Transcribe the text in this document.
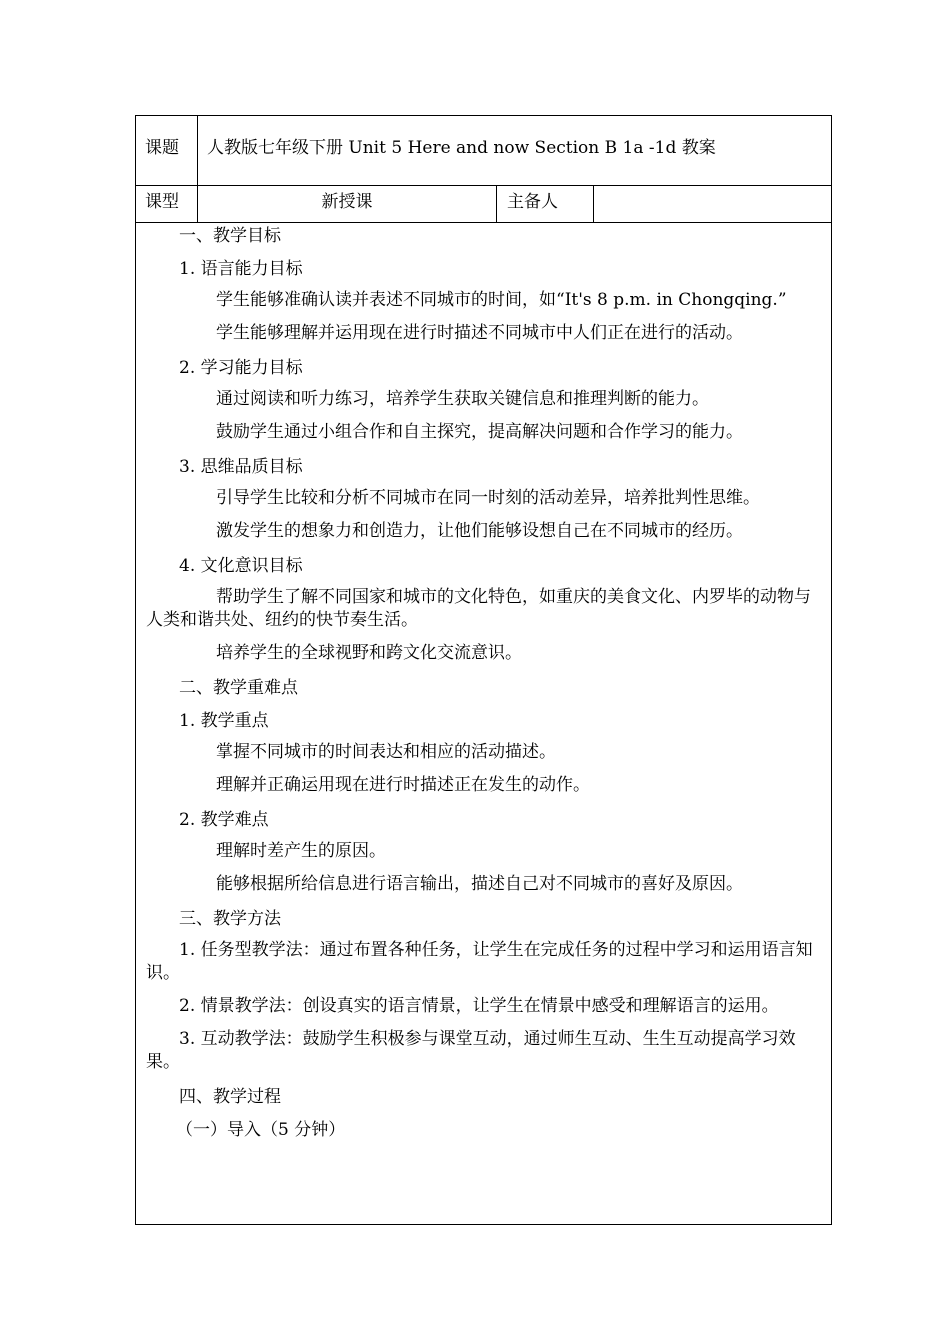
课题	人教版七年级下册 Unit 5 Here and now Section B 1a -1d 教案
课型	新授课	主备人

一、教学目标

1. 语言能力目标

学生能够准确认读并表述不同城市的时间，如“It's 8 p.m. in Chongqing.”

学生能够理解并运用现在进行时描述不同城市中人们正在进行的活动。

2. 学习能力目标

通过阅读和听力练习，培养学生获取关键信息和推理判断的能力。

鼓励学生通过小组合作和自主探究，提高解决问题和合作学习的能力。

3. 思维品质目标

引导学生比较和分析不同城市在同一时刻的活动差异，培养批判性思维。

激发学生的想象力和创造力，让他们能够设想自己在不同城市的经历。

4. 文化意识目标

帮助学生了解不同国家和城市的文化特色，如重庆的美食文化、内罗毕的动物与人类和谐共处、纽约的快节奏生活。

培养学生的全球视野和跨文化交流意识。

二、教学重难点

1. 教学重点

掌握不同城市的时间表达和相应的活动描述。

理解并正确运用现在进行时描述正在发生的动作。

2. 教学难点

理解时差产生的原因。

能够根据所给信息进行语言输出，描述自己对不同城市的喜好及原因。

三、教学方法

1. 任务型教学法：通过布置各种任务，让学生在完成任务的过程中学习和运用语言知识。

2. 情景教学法：创设真实的语言情景，让学生在情景中感受和理解语言的运用。

3. 互动教学法：鼓励学生积极参与课堂互动，通过师生互动、生生互动提高学习效果。

四、教学过程

（一）导入（5 分钟）
